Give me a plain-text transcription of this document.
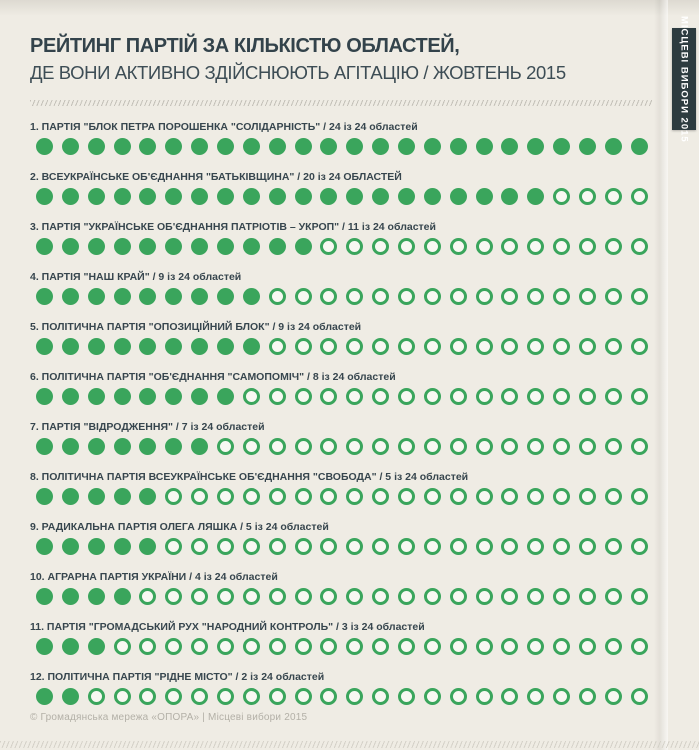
РЕЙТИНГ ПАРТІЙ ЗА КІЛЬКІСТЮ ОБЛАСТЕЙ,
ДЕ ВОНИ АКТИВНО ЗДІЙСНЮЮТЬ АГІТАЦІЮ / ЖОВТЕНЬ 2015
1. ПАРТІЯ "БЛОК ПЕТРА ПОРОШЕНКА "СОЛІДАРНІСТЬ" / 24 із 24 областей
2. ВСЕУКРАЇНСЬКЕ ОБ'ЄДНАННЯ "БАТЬКІВЩИНА" / 20 із 24 ОБЛАСТЕЙ
3. ПАРТІЯ "УКРАЇНСЬКЕ ОБ'ЄДНАННЯ ПАТРІОТІВ – УКРОП" / 11 із 24 областей
4. ПАРТІЯ "НАШ КРАЙ" / 9 із 24 областей
5. ПОЛІТИЧНА ПАРТІЯ "ОПОЗИЦІЙНИЙ БЛОК" / 9 із 24 областей
6. ПОЛІТИЧНА ПАРТІЯ "ОБ'ЄДНАННЯ "САМОПОМІЧ" / 8 із 24 областей
7. ПАРТІЯ "ВІДРОДЖЕННЯ" / 7 із 24 областей
8. ПОЛІТИЧНА ПАРТІЯ ВСЕУКРАЇНСЬКЕ ОБ'ЄДНАННЯ "СВОБОДА" / 5 із 24 областей
9. РАДИКАЛЬНА ПАРТІЯ ОЛЕГА ЛЯШКА / 5 із 24 областей
10. АГРАРНА ПАРТІЯ УКРАЇНИ / 4 із 24 областей
11. ПАРТІЯ "ГРОМАДСЬКИЙ РУХ "НАРОДНИЙ КОНТРОЛЬ" / 3 із 24 областей
12. ПОЛІТИЧНА ПАРТІЯ "РІДНЕ МІСТО" / 2 із 24 областей
© Громадянська мережа «ОПОРА» | Місцеві вибори 2015
МІСЦЕВІ ВИБОРИ 2015
